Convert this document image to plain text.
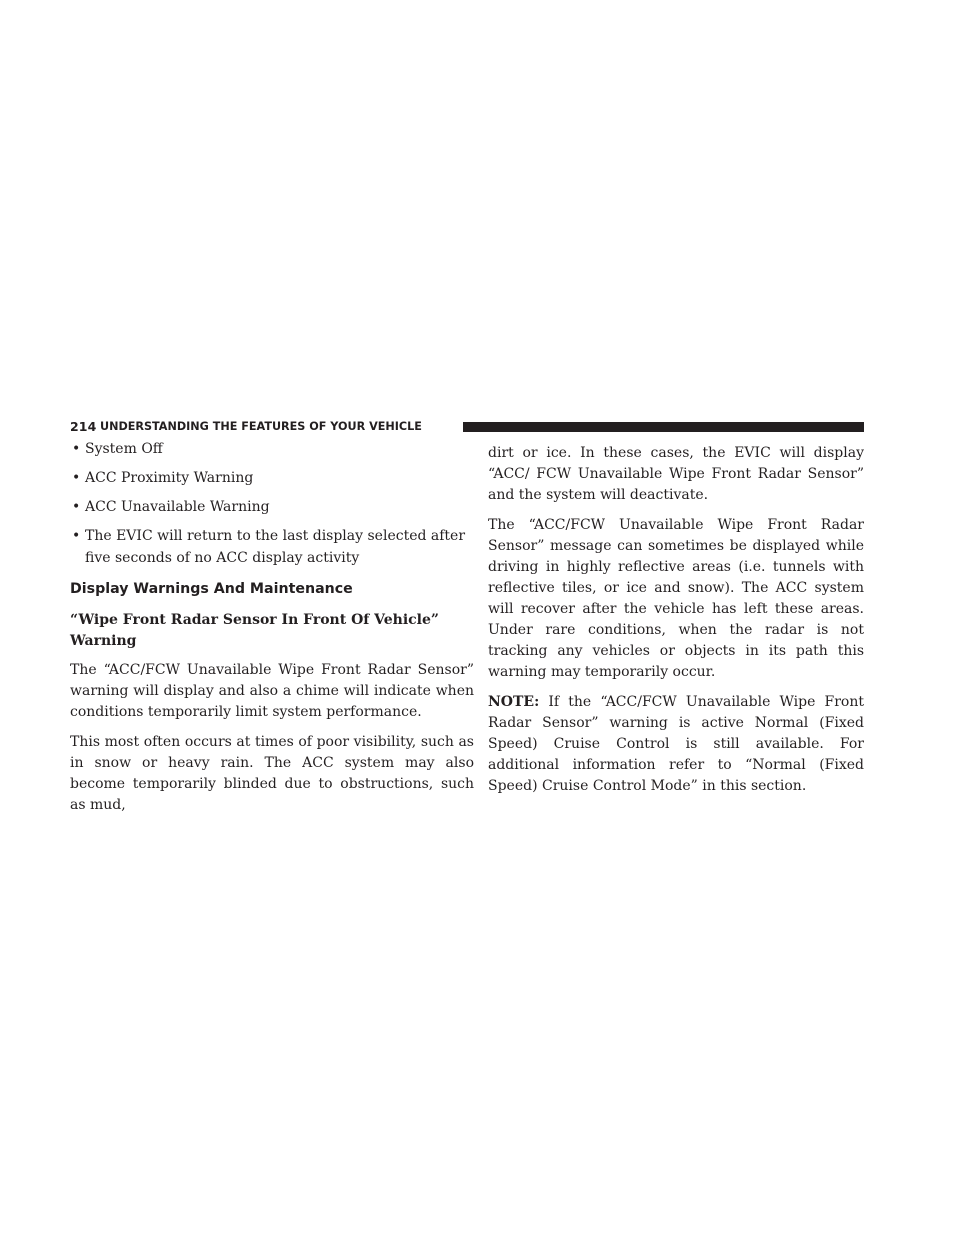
214 UNDERSTANDING THE FEATURES OF YOUR VEHICLE
• System Off
• ACC Proximity Warning
• ACC Unavailable Warning
• The EVIC will return to the last display selected after five seconds of no ACC display activity
Display Warnings And Maintenance
“Wipe Front Radar Sensor In Front Of Vehicle” Warning

The “ACC/FCW Unavailable Wipe Front Radar Sensor” warning will display and also a chime will indicate when conditions temporarily limit system performance.

This most often occurs at times of poor visibility, such as in snow or heavy rain. The ACC system may also become temporarily blinded due to obstructions, such as mud,

dirt or ice. In these cases, the EVIC will display “ACC/ FCW Unavailable Wipe Front Radar Sensor” and the system will deactivate.

The “ACC/FCW Unavailable Wipe Front Radar Sensor” message can sometimes be displayed while driving in highly reflective areas (i.e. tunnels with reflective tiles, or ice and snow). The ACC system will recover after the vehicle has left these areas. Under rare conditions, when the radar is not tracking any vehicles or objects in its path this warning may temporarily occur.

NOTE: If the “ACC/FCW Unavailable Wipe Front Radar Sensor” warning is active Normal (Fixed Speed) Cruise Control is still available. For additional information refer to “Normal (Fixed Speed) Cruise Control Mode” in this section.
